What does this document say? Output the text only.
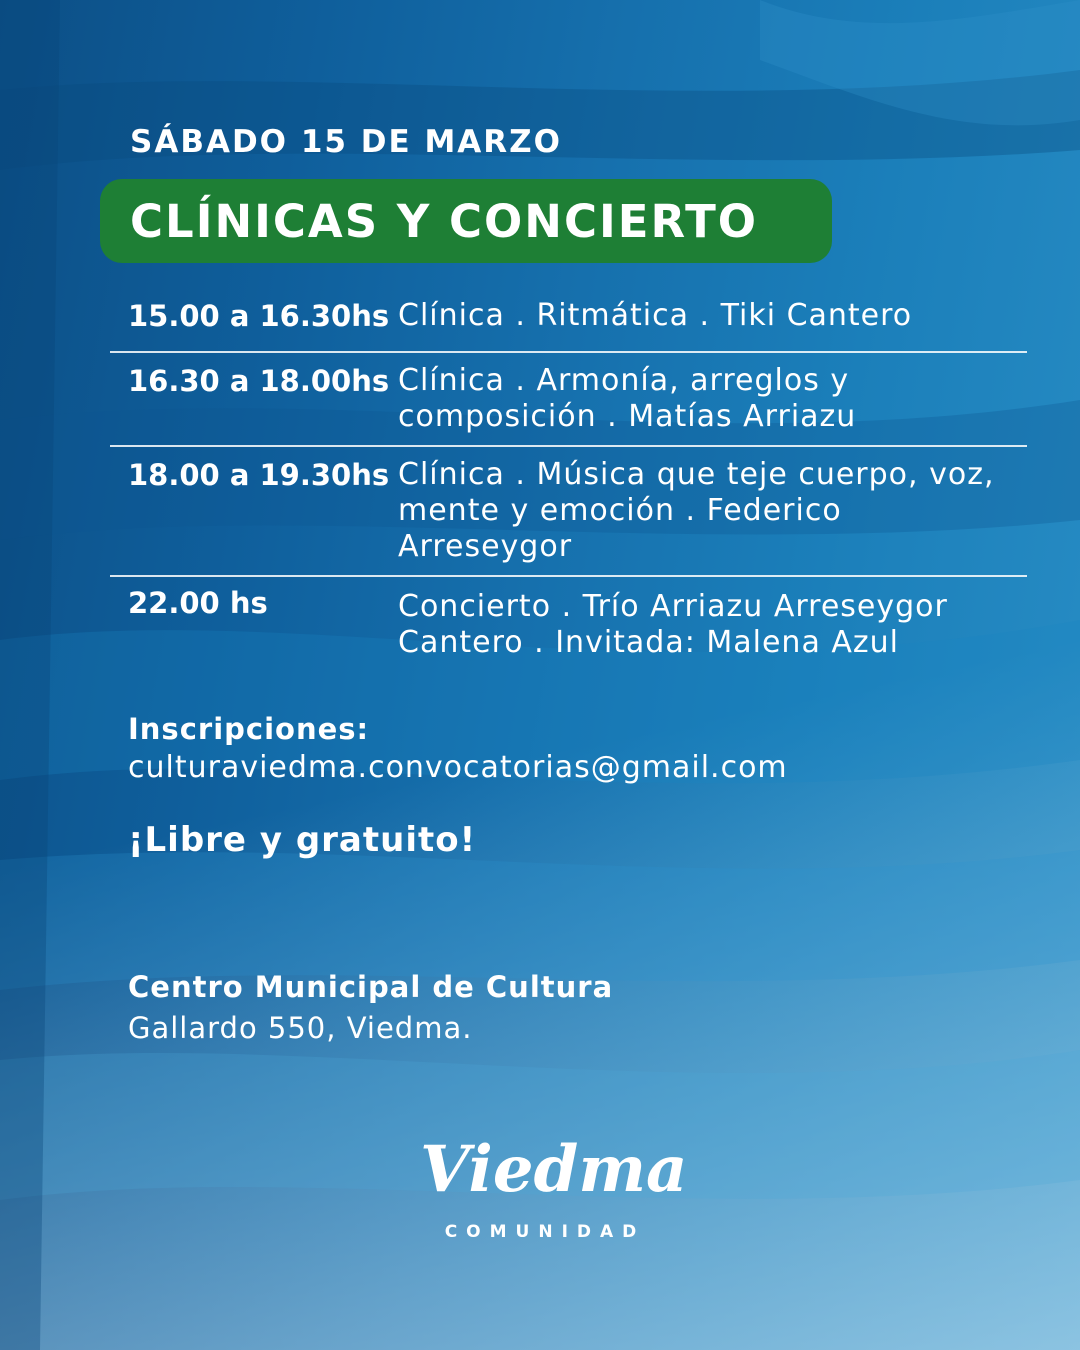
SÁBADO 15 DE MARZO
CLÍNICAS Y CONCIERTO
15.00 a 16.30hs Clínica . Ritmática . Tiki Cantero
16.30 a 18.00hs Clínica . Armonía, arreglos y composición . Matías Arriazu
18.00 a 19.30hs Clínica . Música que teje cuerpo, voz, mente y emoción . Federico Arreseygor
22.00 hs	Concierto . Trío Arriazu Arreseygor Cantero . Invitada: Malena Azul
Inscripciones:
culturaviedma.convocatorias@gmail.com
¡Libre y gratuito!
Centro Municipal de Cultura
Gallardo 550, Viedma.
Viedma
COMUNIDAD
